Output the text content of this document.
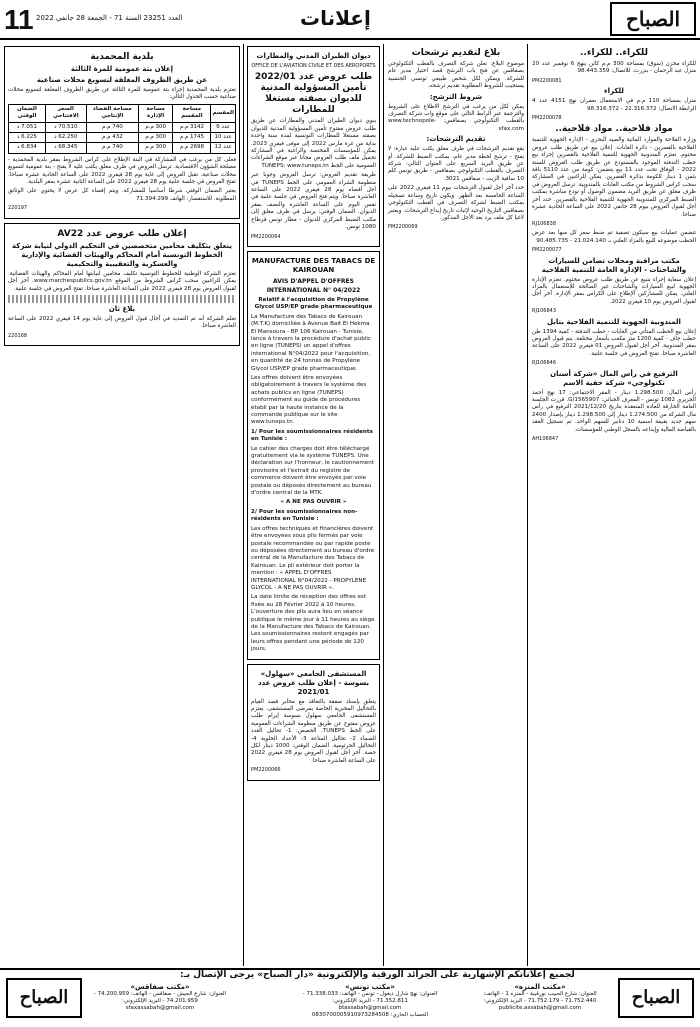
11 العدد 23251 السنة 71 - الجمعة 28 جانفي 2022	إعلانات	الصباح
للكراء.. للكراء..

للكراء مخزن (سوق) بمساحة 300 م.م كائن بنهج 6 نوفمبر عدد 20 منزل عبد الرحمان - بنزرت. للاتصال: 98.443.359

PM2200081
للكراء

منزل بمساحة 110 م.م في الاستعمال بعمران نهج 4151 عدد 4 الرابطة الاتصال: 22.316.372 - 98.316.372

PM2200078
مواد فلاحية.. مواد فلاحية..

وزارة الفلاحة والموارد المائية والصيد البحري - الإدارة الجهوية للتنمية الفلاحية بالقصرين - دائرة الغابات. إعلان بيع عن طريق طلب عروض مختوم. تعتزم المندوبية الجهوية للتنمية الفلاحية بالقصرين إجراء بيع حطب التدفئة الموجود بالمستودع عن طريق طلب العروض للسنة 2022 - الوفاق تحت عدد 11 بيع يتضمن: كومة من عدد 5110 باقة بثمن 1 دينار للكومة بدائرة القصرين. يمكن للراغبين في المشاركة سحب كراس الشروط من مكتب الغابات بالمندوبية. ترسل العروض في ظرف مغلق عن طريق البريد مضمون الوصول أو تودع مباشرة بمكتب الضبط المركزي للمندوبية الجهوية للتنمية الفلاحية بالقصرين. حدد آخر أجل لقبول العروض بيوم 28 جانفي 2022 على الساعة الحادية عشرة صباحا.

RJ106838

تتضمن عمليات بيع سيكون تصفية تم ضبط سعر كل منها بعد عرض الحطب موضوعه للبيع بالمزاد العلني بـ 21.024.140 - 90.485.735

PM2200077
مكتب مراقبة ومحلات تضامن للسيارات والشاحنات - الإدارة العامة للتنمية الفلاحية

إعلان سعاية إجراء بتبيع عن طريق طلب عروض مختوم. تعتزم الإدارة الجهوية لبيع السيارات والشاحنات غير الصالحة للإستعمال بالمزاد العلني. يمكن للمشاركين الإطلاع على الكراس بمقر الإدارة. آخر أجل لقبول العروض يوم 10 فيفري 2022.

RJ106843
المندوبية الجهوية للتنمية الفلاحية بنابل

إعلان بيع الحطب المتأتي من الغابات - حطب التدفئة - كمية 1394 طن حطب جاف - كمية 1200 متر مكعب بأسعار مختلفة. يتم قبول العروض بمقر المندوبية. آخر أجل لقبول العروض 01 فيفري 2022 على الساعة العاشرة صباحا. تفتح العروض في جلسة علنية.

RJ106846
الترفيع في رأس المال «شركة أسنان تكنولوجي» شركة خفية الاسم

رأس المال: 1.298.500 دينار - المقر الاجتماعي: 17 نهج أحمد الجزيري 1082 تونس - المعرف الجبائي: 1565907/G. قررت الجلسة العامة الخارقة للعادة المنعقدة بتاريخ 2021/12/20 الترفيع في رأس مال الشركة من 1.274.500 دينار إلى 1.298.500 دينار بإصدار 2400 سهم جديد بقيمة اسمية 10 دنانير للسهم الواحد. تم تسجيل العقد بالقباضة المالية وإيداعه بالسجل الوطني للمؤسسات.

AH106847
بلاغ لتقديم ترشحات

موضوع البلاغ: تعلن شركة التصرف بالقطب التكنولوجي بصفاقس عن فتح باب الترشح قصد اختيار مدير عام للشركة. ويمكن لكل شخص طبيعي تونسي الجنسية يستجيب للشروط المطلوبة تقديم ترشحه.

شروط الترشح:

يمكن لكل من يرغب في الترشح الاطلاع على الشروط والترجمة عبر الرابط التالي على موقع واب شركة التصرف بالقطب التكنولوجي بصفاقس: www.technopole-sfax.com

تقديم الترشحات:

يقع تقديم الترشحات في ظرف مغلق يكتب عليه عبارة: لا يفتح - ترشح لخطة مدير عام، بمكتب الضبط للشركة. أو عن طريق البريد السريع على العنوان التالي: شركة التصرف بالقطب التكنولوجي بصفاقس - طريق تونس كلم 10 ساقية الزيت - صفاقس 3021.

حدد آخر أجل لقبول الترشحات بيوم 11 فيفري 2022 على الساعة الخامسة بعد الظهر. ويكون تاريخ وساعة تسجيله بمكتب الضبط لشركة التصرف في القطب التكنولوجي بصفاقس التاريخ الوحيد لإثبات تاريخ إيداع الترشحات. ويعتبر لاغيا كل ملف يرد بعد الأجل المذكور.

PM2200069
ديوان الطيران المدني والمطارات
OFFICE DE L'AVIATION CIVILE ET DES AEROPORTS
طلب عروض عدد 2022/01 تأمين المسؤولية المدنية للديوان بصفته مستغلا للمطارات

ينوي ديوان الطيران المدني والمطارات عن طريق طلب عروض مفتوح تأمين المسؤولية المدنية للديوان بصفته مستغلا للمطارات التونسية لمدة سنة واحدة بداية من غرة مارس 2022 إلى موفى فيفري 2023. يمكن للمؤسسات المختصة والراغبة في المشاركة تحميل ملف طلب العروض مجانا عبر موقع الشراءات العمومية على الخط TUNEPS: www.tuneps.tn

طريقة تقديم العروض: ترسل العروض وجوبا عبر منظومة الشراء العمومي على الخط TUNEPS في أجل أقصاه يوم 28 فيفري 2022 على الساعة العاشرة صباحا. ويتم فتح العروض في جلسة علنية في نفس اليوم على الساعة العاشرة والنصف بمقر الديوان. الضمان الوقتي: يرسل في ظرف مغلق إلى مكتب الضبط المركزي للديوان - مطار تونس قرطاج 1080 تونس.

PM2200064
MANUFACTURE DES TABACS DE KAIROUAN
AVIS D'APPEL D'OFFRES INTERNATIONAL N° 04/2022

Relatif à l'acquisition de Propylène Glycol USP/EP grade pharmaceutique

La Manufacture des Tabacs de Kairouan (M.T.K) domiciliée à Avenue Bait El Hekma El Mansoura - BP 106 Kairouan - Tunisie, lance à travers la procédure d'achat public en ligne (TUNEPS) un appel d'offres international N°04/2022 pour l'acquisition, en quantité de 24 tonnes de Propylène Glycol USP/EP grade pharmaceutique.

Les offres doivent être envoyées obligatoirement à travers le système des achats publics en ligne (TUNEPS) conformément au guide de procédures établi par la haute instance de la commande publique sur le site www.tuneps.tn.

1/ Pour les soumissionnaires résidents en Tunisie :

Le cahier des charges doit être téléchargé gratuitement via le système TUNEPS. Une déclaration sur l'honneur, le cautionnement provisoire et l'extrait du registre de commerce doivent être envoyés par voie postale ou déposés directement au bureau d'ordre central de la MTK.

« A NE PAS OUVRIR »

2/ Pour les soumissionnaires non-résidents en Tunisie :

Les offres techniques et financières doivent être envoyées sous plis fermés par voie postale recommandée ou par rapide poste ou déposées directement au bureau d'ordre central de la Manufacture des Tabacs de Kairouan. Le pli extérieur doit porter la mention : « APPEL D'OFFRES INTERNATIONAL N°04/2022 - PROPYLENE GLYCOL - A NE PAS OUVRIR ».

La date limite de réception des offres est fixée au 28 Février 2022 à 10 heures. L'ouverture des plis aura lieu en séance publique le même jour à 11 heures au siège de la Manufacture des Tabacs de Kairouan. Les soumissionnaires restent engagés par leurs offres pendant une période de 120 jours.

المستشفى الجامعي «سهلول» بسوسة - إعلان طلب عروض عدد 2021/01

يتعلق بإسناد صفقة بالتعاقد مع مخابر قصد القيام بالتحاليل المخبرية الخاصة بمرضى المستشفى. يعتزم المستشفى الجامعي سهلول بسوسة إبرام طلب عروض مفتوح عن طريق منظومة الشراءات العمومية على الخط TUNEPS. الحصص: 1- تحاليل الغدد الصماء 2- تحاليل المناعة 3- الأعداد الخلوية 4- التحاليل الجرثومية. الضمان الوقتي: 1000 دينار لكل حصة. آخر أجل لقبول العروض يوم 28 فيفري 2022 على الساعة العاشرة صباحا.

PM2200066
بلدية المحمدية
إعلان بتة عمومية للمرة الثالثة
عن طريق الظروف المغلقة لتسويغ محلات صناعية

تعتزم بلدية المحمدية إجراء بتة عمومية للمرة الثالثة عن طريق الظروف المغلقة لتسويغ محلات صناعية حسب الجدول التالي:

المقسم	مساحة المقسم	مساحة الإدارة	مساحة الفضاء الإنتاجي	السعر الافتتاحي	الضمان الوقتي
عدد 6	3142 م.م	300 م.م	740 م.م	70.510 د	7.051 د
عدد 10	1745 م.م	300 م.م	432 م.م	62.250 د	6.225 د
عدد 12	2698 م.م	300 م.م	740 م.م	68.345 د	6.834 د

فعلى كل من يرغب في المشاركة في البتة الإطلاع على كراس الشروط بمقر بلدية المحمدية - مصلحة الشؤون الاقتصادية. ترسل العروض في ظرف مغلق يكتب عليه لا يفتح - بتة عمومية لتسويغ محلات صناعية. تقبل العروض إلى غاية يوم 28 فيفري 2022 على الساعة الحادية عشرة صباحا. تفتح العروض في جلسة علنية يوم 28 فيفري 2022 على الساعة الثانية عشرة بمقر البلدية.

يعتبر الضمان الوقتي شرطا أساسيا للمشاركة. ويتم إقصاء كل عرض لا يحتوي على الوثائق المطلوبة. للاستفسار: الهاتف 71.394.299

220197
إعلان طلب عروض عدد AV22
يتعلق بتكليف محامين متخصصين في التحكيم الدولي لنيابة شركة الخطوط التونسية أمام المحاكم والهيئات القضائية والإدارية والعسكرية والتعقيبية والتحكيمية

تعتزم الشركة الوطنية للخطوط التونسية تكليف محامين لنيابتها أمام المحاكم والهيئات القضائية. يمكن للراغبين سحب كراس الشروط من الموقع www.marchespublics.gov.tn. آخر أجل لقبول العروض يوم 28 فيفري 2022 على الساعة العاشرة صباحا. تفتح العروض في جلسة علنية.

بلاغ ثان

تعلم الشركة أنه تم التمديد في آجال قبول العروض إلى غاية يوم 14 فيفري 2022 على الساعة العاشرة صباحا.

220168
لجميع إعلاناتكم الإشهارية على الجرائد الورقية والإلكترونية «دار الصباح» يرجى الإتصال بـ:
الصباح
«مكتب المنزه»
العنوان: شارع الحبيب بورقيبة - المنزه 1 - الهاتف: 71.752.440 - 71.752.179 - البريد الإلكتروني: publicite.assabah@gmail.com
«مكتب تونس»
العنوان: نهج شارل ديغول - تونس - الهاتف: 71.338.033 - 71.352.811 - البريد الإلكتروني: btassabah@gmail.com
الحساب الجاري: 0830700005910973284508
«مكتب صفاقس»
العنوان: شارع الجيش - صفاقس - الهاتف: 74.200.959 - 74.201.959 - البريد الإلكتروني: sfaxassabah@gmail.com
الصباح
